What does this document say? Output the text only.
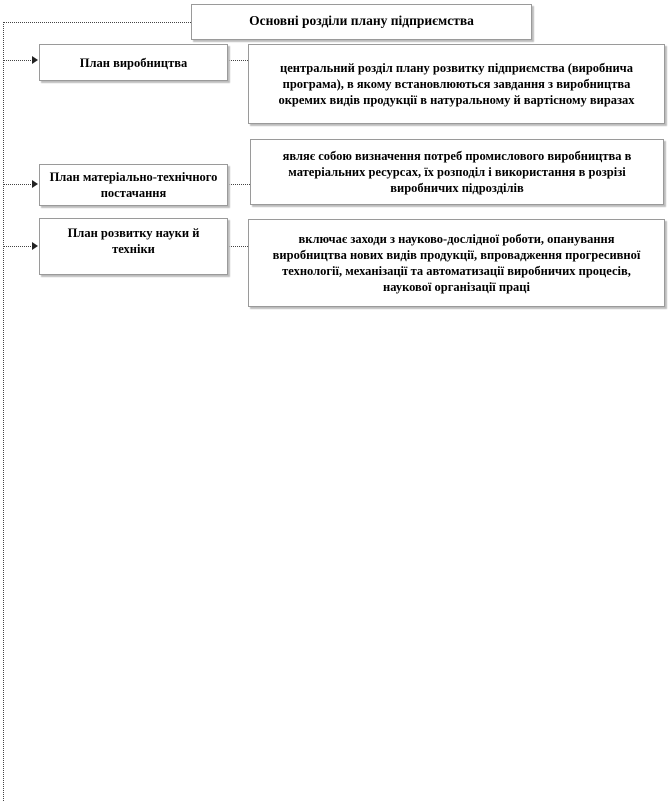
Основні розділи плану підприємства
План виробництва	центральний розділ плану розвитку підприємства (виробнича програма), в якому встановлюються завдання з виробництва окремих видів продукції в натуральному й вартісному виразах
План матеріально-технічного постачання
являє собою визначення потреб промислового виробництва в матеріальних ресурсах, їх розподіл і використання в розрізі виробничих підрозділів
План розвитку науки й техніки
включає заходи з науково-дослідної роботи, опанування виробництва нових видів продукції, впровадження прогресивної технології, механізації та автоматизації виробничих процесів, наукової організації праці
